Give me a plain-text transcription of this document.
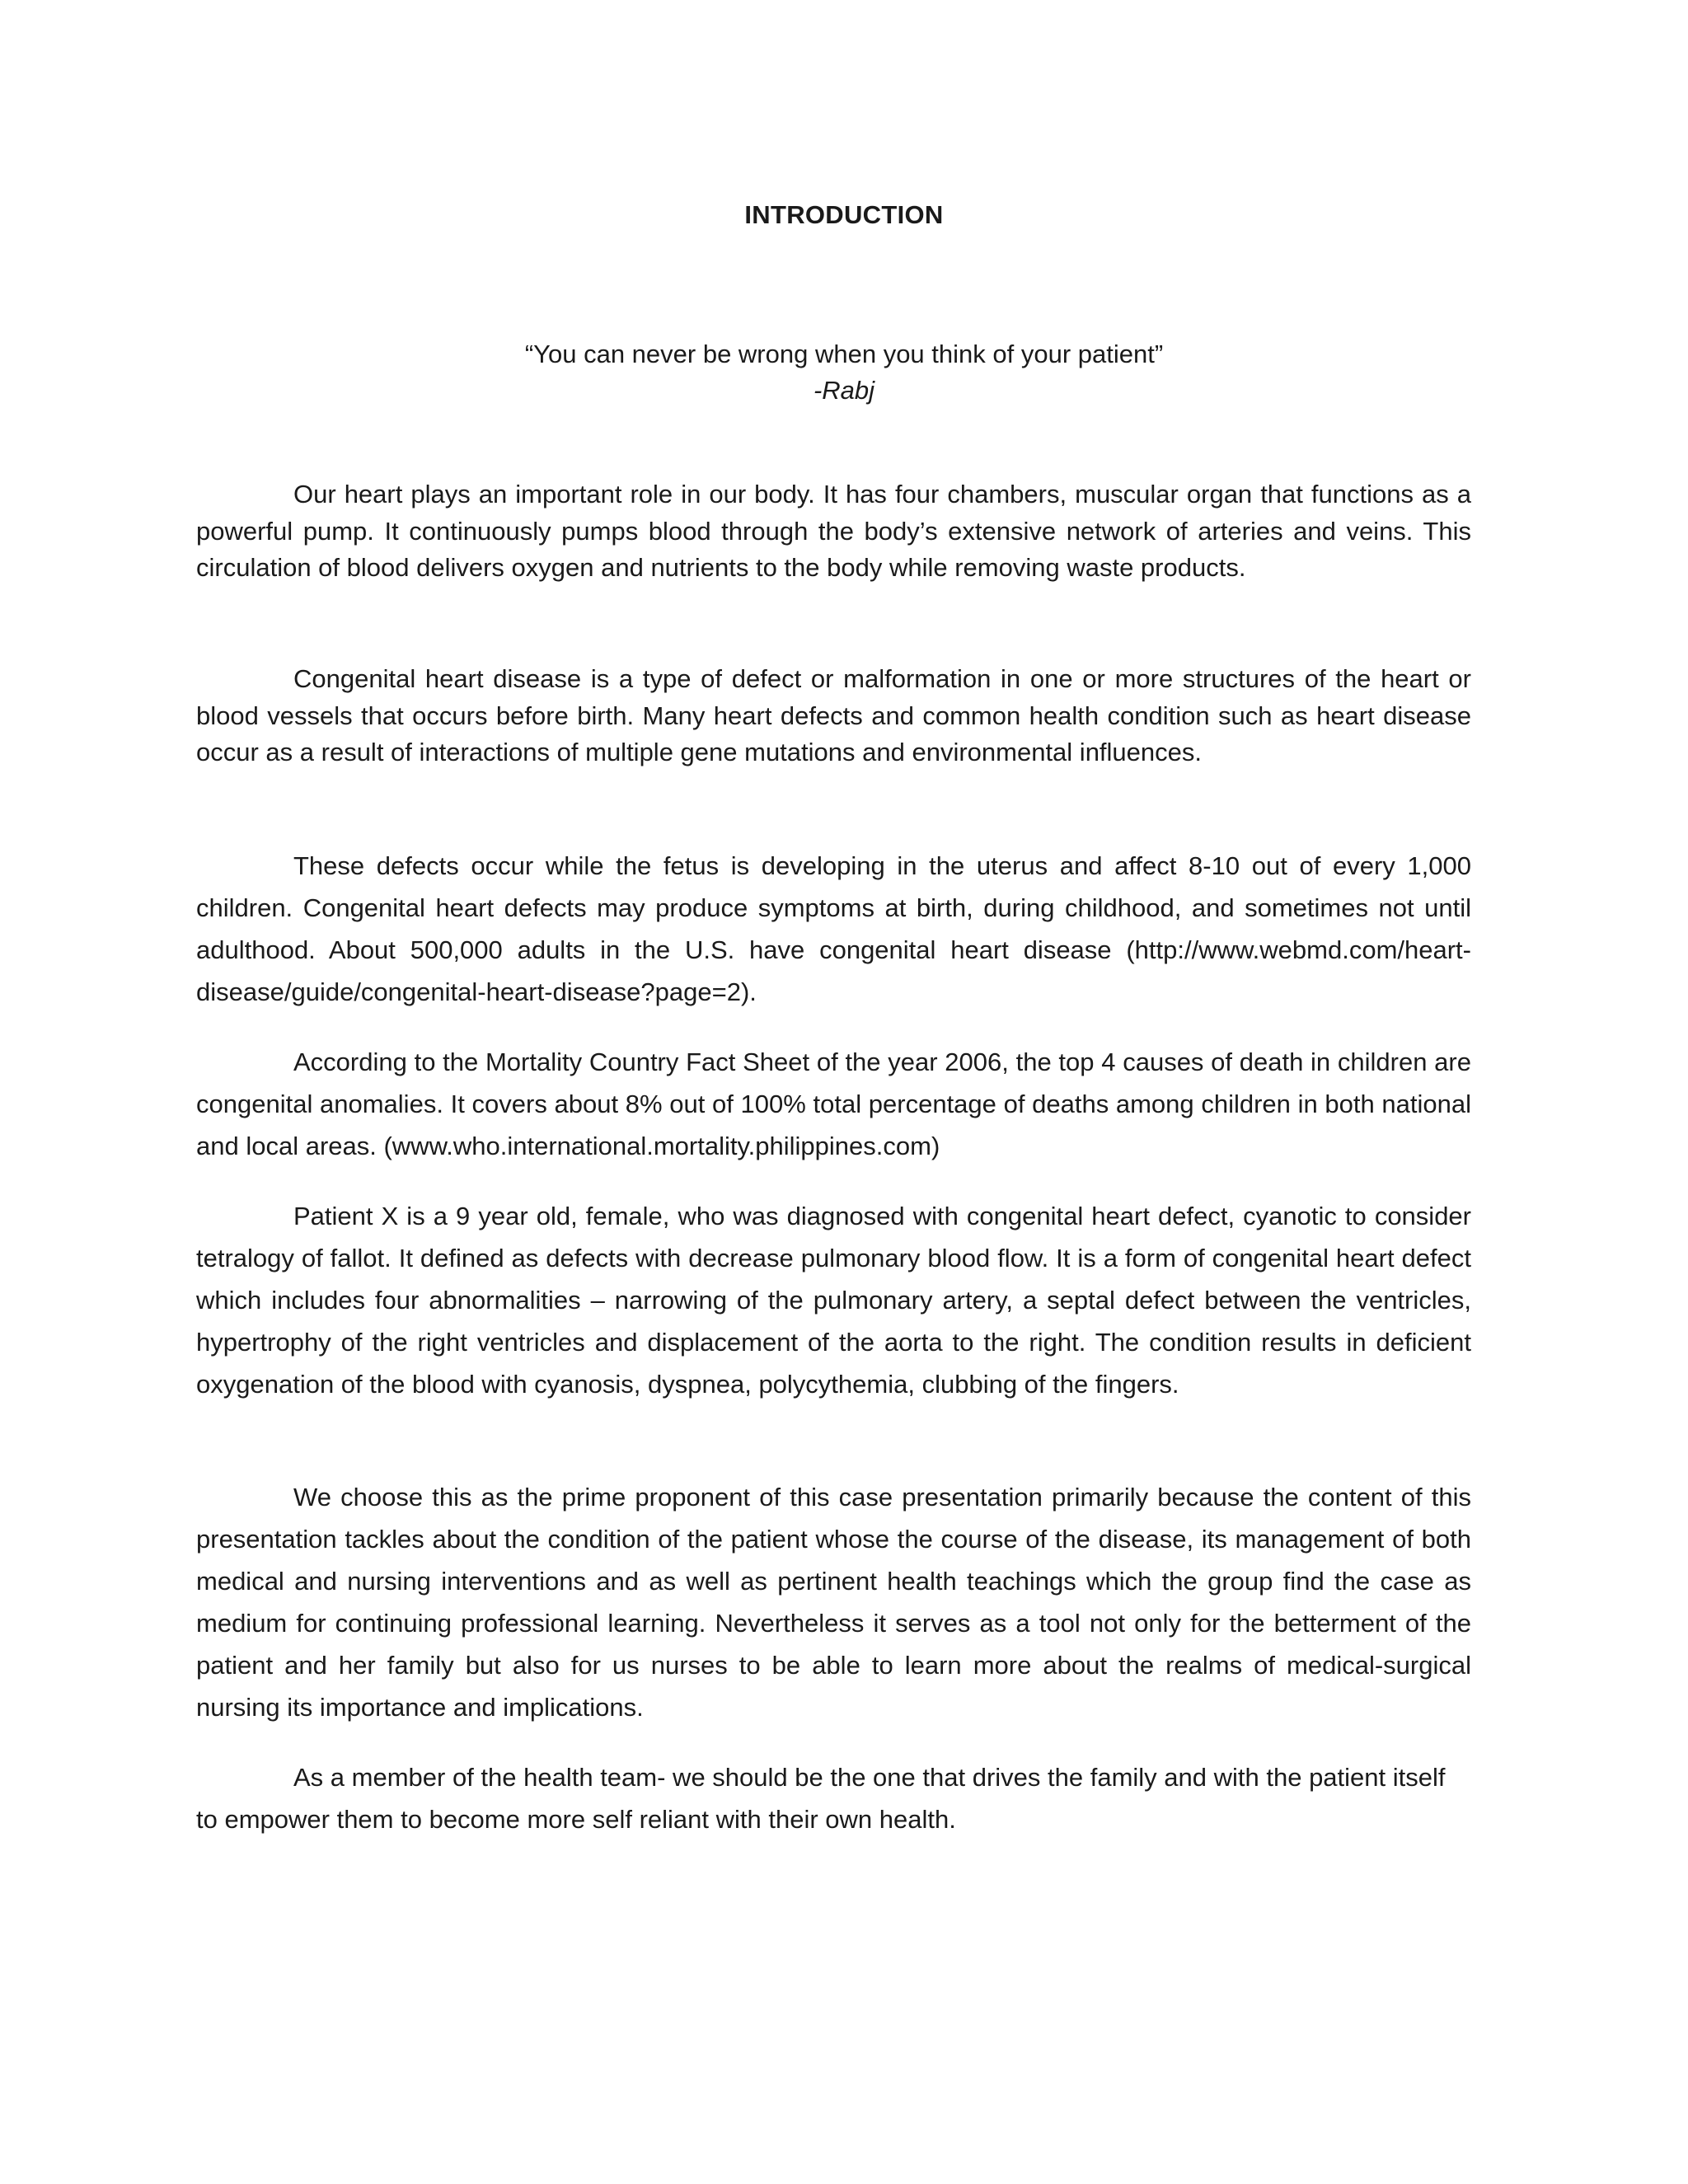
INTRODUCTION
“You can never be wrong when you think of your patient”
-Rabj

Our heart plays an important role in our body. It has four chambers, muscular organ that functions as a powerful pump. It continuously pumps blood through the body’s extensive network of arteries and veins. This circulation of blood delivers oxygen and nutrients to the body while removing waste products.

Congenital heart disease is a type of defect or malformation in one or more structures of the heart or blood vessels that occurs before birth. Many heart defects and common health condition such as heart disease occur as a result of interactions of multiple gene mutations and environmental influences.

These defects occur while the fetus is developing in the uterus and affect 8-10 out of every 1,000 children. Congenital heart defects may produce symptoms at birth, during childhood, and sometimes not until adulthood. About 500,000 adults in the U.S. have congenital heart disease (http://www.webmd.com/heart-disease/guide/congenital-heart-disease?page=2).

According to the Mortality Country Fact Sheet of the year 2006, the top 4 causes of death in children are congenital anomalies. It covers about 8% out of 100% total percentage of deaths among children in both national and local areas. (www.who.international.mortality.philippines.com)

Patient X is a 9 year old, female, who was diagnosed with congenital heart defect, cyanotic to consider tetralogy of fallot. It defined as defects with decrease pulmonary blood flow. It is a form of congenital heart defect which includes four abnormalities – narrowing of the pulmonary artery, a septal defect between the ventricles, hypertrophy of the right ventricles and displacement of the aorta to the right. The condition results in deficient oxygenation of the blood with cyanosis, dyspnea, polycythemia, clubbing of the fingers.

We choose this as the prime proponent of this case presentation primarily because the content of this presentation tackles about the condition of the patient whose the course of the disease, its management of both medical and nursing interventions and as well as pertinent health teachings which the group find the case as medium for continuing professional learning. Nevertheless it serves as a tool not only for the betterment of the patient and her family but also for us nurses to be able to learn more about the realms of medical-surgical nursing its importance and implications.

As a member of the health team- we should be the one that drives the family and with the patient itself to empower them to become more self reliant with their own health.
